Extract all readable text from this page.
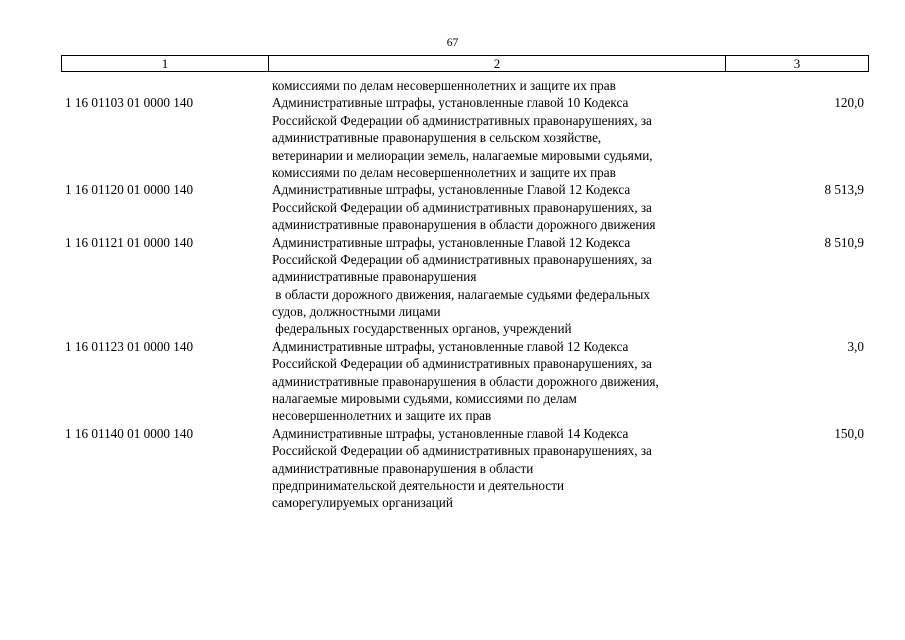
67
1	2	3
комиссиями по делам несовершеннолетних и защите их прав
1 16 01103 01 0000 140	Административные штрафы, установленные главой 10 Кодекса	120,0
Российской Федерации об административных правонарушениях, за
административные правонарушения в сельском хозяйстве,
ветеринарии и мелиорации земель, налагаемые мировыми судьями,
комиссиями по делам несовершеннолетних и защите их прав
1 16 01120 01 0000 140	Административные штрафы, установленные Главой 12 Кодекса	8 513,9
Российской Федерации об административных правонарушениях, за
административные правонарушения в области дорожного движения
1 16 01121 01 0000 140	Административные штрафы, установленные Главой 12 Кодекса	8 510,9
Российской Федерации об административных правонарушениях, за
административные правонарушения
в области дорожного движения, налагаемые судьями федеральных
судов, должностными лицами
федеральных государственных органов, учреждений
1 16 01123 01 0000 140	Административные штрафы, установленные главой 12 Кодекса	3,0
Российской Федерации об административных правонарушениях, за
административные правонарушения в области дорожного движения,
налагаемые мировыми судьями, комиссиями по делам
несовершеннолетних и защите их прав
1 16 01140 01 0000 140	Административные штрафы, установленные главой 14 Кодекса	150,0
Российской Федерации об административных правонарушениях, за
административные правонарушения в области
предпринимательской деятельности и деятельности
саморегулируемых организаций
